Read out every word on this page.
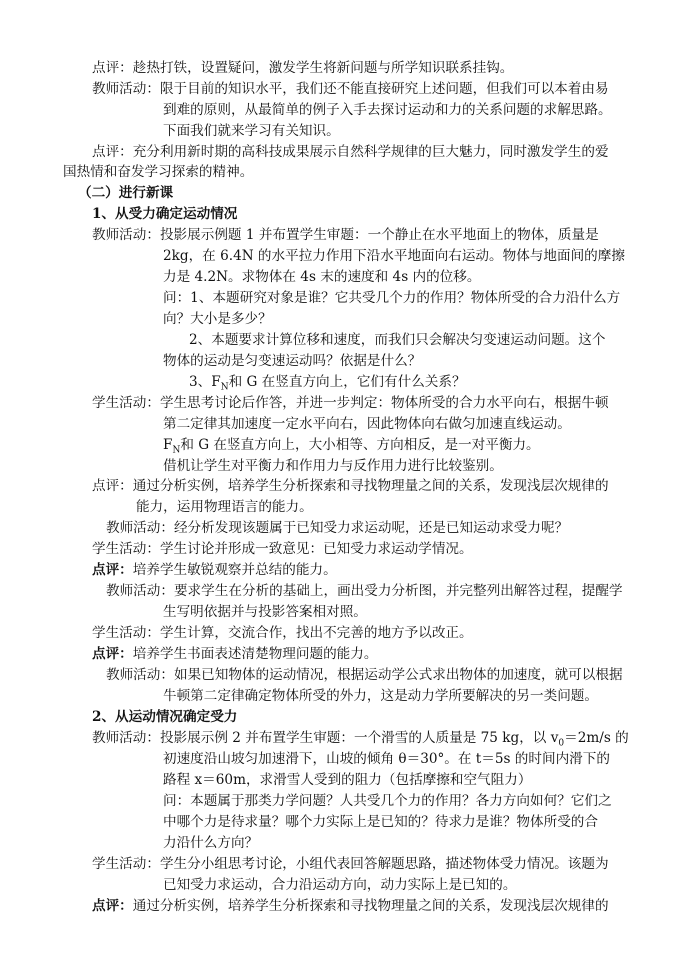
点评：趁热打铁，设置疑问，激发学生将新问题与所学知识联系挂钩。
教师活动：限于目前的知识水平，我们还不能直接研究上述问题，但我们可以本着由易
到难的原则，从最简单的例子入手去探讨运动和力的关系问题的求解思路。
下面我们就来学习有关知识。
点评：充分利用新时期的高科技成果展示自然科学规律的巨大魅力，同时激发学生的爱
国热情和奋发学习探索的精神。
（二）进行新课
1、从受力确定运动情况
教师活动：投影展示例题 1 并布置学生审题：一个静止在水平地面上的物体，质量是
2kg，在 6.4N 的水平拉力作用下沿水平地面向右运动。物体与地面间的摩擦
力是 4.2N。求物体在 4s 末的速度和 4s 内的位移。
问：1、本题研究对象是谁？它共受几个力的作用？物体所受的合力沿什么方
向？大小是多少？
2、本题要求计算位移和速度，而我们只会解决匀变速运动问题。这个
物体的运动是匀变速运动吗？依据是什么？
3、$F_N$和 G 在竖直方向上，它们有什么关系？
学生活动：学生思考讨论后作答，并进一步判定：物体所受的合力水平向右，根据牛顿
第二定律其加速度一定水平向右，因此物体向右做匀加速直线运动。
$F_N$和 G 在竖直方向上，大小相等、方向相反，是一对平衡力。
借机让学生对平衡力和作用力与反作用力进行比较鉴别。
点评：通过分析实例，培养学生分析探索和寻找物理量之间的关系，发现浅层次规律的
能力，运用物理语言的能力。
教师活动：经分析发现该题属于已知受力求运动呢，还是已知运动求受力呢？
学生活动：学生讨论并形成一致意见：已知受力求运动学情况。
点评：培养学生敏锐观察并总结的能力。
教师活动：要求学生在分析的基础上，画出受力分析图，并完整列出解答过程，提醒学
生写明依据并与投影答案相对照。
学生活动：学生计算，交流合作，找出不完善的地方予以改正。
点评：培养学生书面表述清楚物理问题的能力。
教师活动：如果已知物体的运动情况，根据运动学公式求出物体的加速度，就可以根据
牛顿第二定律确定物体所受的外力，这是动力学所要解决的另一类问题。
2、从运动情况确定受力
教师活动：投影展示例 2 并布置学生审题：一个滑雪的人质量是 75 kg，以 $v_0=2m/s$ 的
初速度沿山坡匀加速滑下，山坡的倾角 θ＝30°。在 t＝5s 的时间内滑下的
路程 x＝60m，求滑雪人受到的阻力（包括摩擦和空气阻力）
问：本题属于那类力学问题？人共受几个力的作用？各力方向如何？它们之
中哪个力是待求量？哪个力实际上是已知的？待求力是谁？物体所受的合
力沿什么方向？
学生活动：学生分小组思考讨论，小组代表回答解题思路，描述物体受力情况。该题为
已知受力求运动，合力沿运动方向，动力实际上是已知的。
点评：通过分析实例，培养学生分析探索和寻找物理量之间的关系，发现浅层次规律的
